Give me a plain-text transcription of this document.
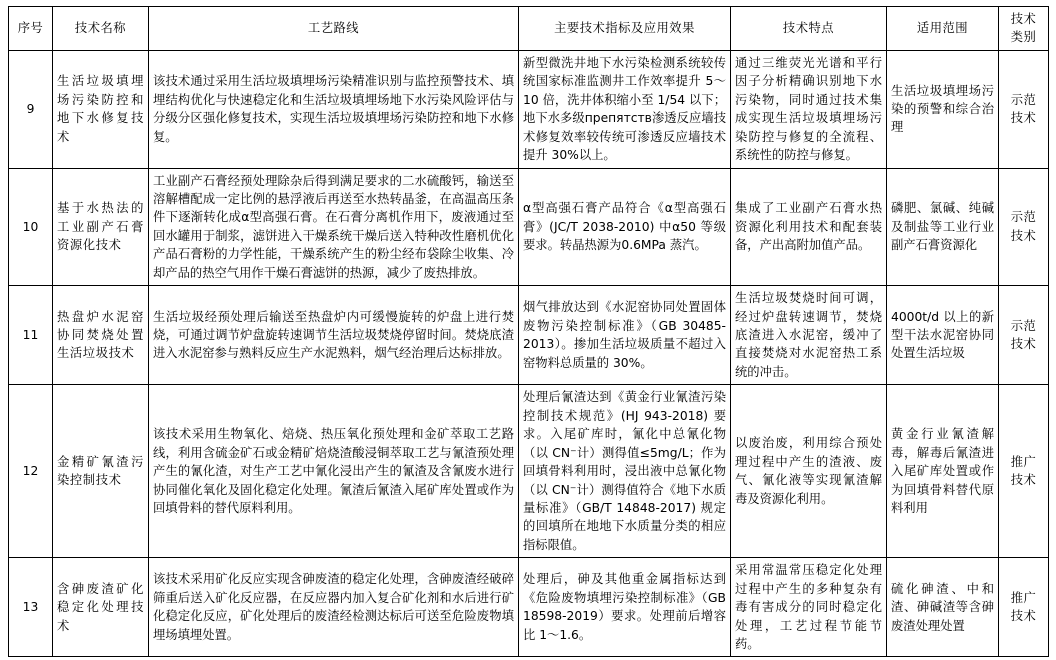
序号	技术名称	工艺路线	主要技术指标及应用效果	技术特点	适用范围	技术
类别

9	生活垃圾填埋场污染防控和地下水修复技术	该技术通过采用生活垃圾填埋场污染精准识别与监控预警技术、填埋结构优化与快速稳定化和生活垃圾填埋场地下水污染风险评估与分级分区强化修复技术，实现生活垃圾填埋场污染防控和地下水修复。	新型微洗井地下水污染检测系统较传统国家标准监测井工作效率提升 5～10 倍，洗井体积缩小至 1/54 以下；地下水多级препятств渗透反应墙技术修复效率较传统可渗透反应墙技术提升 30%以上。	通过三维荧光光谱和平行因子分析精确识别地下水污染物，同时通过技术集成实现生活垃圾填埋场污染防控与修复的全流程、系统性的防控与修复。	生活垃圾填埋场污染的预警和综合治理	示范
技术

10	基于水热法的工业副产石膏资源化技术	工业副产石膏经预处理除杂后得到满足要求的二水硫酸钙，输送至溶解槽配成一定比例的悬浮液后再送至水热转晶釜，在高温高压条件下逐渐转化成α型高强石膏。在石膏分离机作用下，废液通过至回水罐用于制浆，滤饼进入干燥系统干燥后送入特种改性磨机优化产品石膏粉的力学性能，干燥系统产生的粉尘经布袋除尘收集、冷却产品的热空气用作干燥石膏滤饼的热源，减少了废热排放。	α型高强石膏产品符合《α型高强石膏》(JC/T 2038-2010) 中α50 等级要求。转晶热源为0.6MPa 蒸汽。	集成了工业副产石膏水热资源化利用技术和配套装备，产出高附加值产品。	磷肥、氯碱、纯碱及制盐等工业行业副产石膏资源化	示范
技术

11	热盘炉水泥窑协同焚烧处置生活垃圾技术	生活垃圾经预处理后输送至热盘炉内可缓慢旋转的炉盘上进行焚烧，可通过调节炉盘旋转速调节生活垃圾焚烧停留时间。焚烧底渣进入水泥窑参与熟料反应生产水泥熟料，烟气经治理后达标排放。	烟气排放达到《水泥窑协同处置固体废物污染控制标准》（GB 30485-2013）。掺加生活垃圾质量不超过入窑物料总质量的 30%。	生活垃圾焚烧时间可调，经过炉盘转速调节，焚烧底渣进入水泥窑，缓冲了直接焚烧对水泥窑热工系统的冲击。	4000t/d 以上的新型干法水泥窑协同处置生活垃圾	示范
技术

12	金精矿氰渣污染控制技术	该技术采用生物氧化、焙烧、热压氧化预处理和金矿萃取工艺路线，利用含硫金矿石或金精矿焙烧渣酸浸铜萃取工艺与氰渣预处理产生的氰化渣，对生产工艺中氰化浸出产生的氰渣及含氰废水进行协同催化氧化及固化稳定化处理。氰渣后氰渣入尾矿库处置或作为回填骨料的替代原料利用。	处理后氰渣达到《黄金行业氰渣污染控制技术规范》(HJ 943-2018) 要求。入尾矿库时，氰化中总氰化物（以 CN⁻计）测得值≤5mg/L；作为回填骨料利用时，浸出液中总氰化物（以 CN⁻计）测得值符合《地下水质量标准》（GB/T 14848-2017) 规定的回填所在地地下水质量分类的相应指标限值。	以废治废，利用综合预处理过程中产生的渣液、废气、氰化液等实现氰渣解毒及资源化利用。	黄金行业氰渣解毒，解毒后氰渣进入尾矿库处置或作为回填骨料替代原料利用	推广
技术

13	含砷废渣矿化稳定化处理技术	该技术采用矿化反应实现含砷废渣的稳定化处理，含砷废渣经破碎筛重后送入矿化反应器，在反应器内加入复合矿化剂和水后进行矿化稳定化反应，矿化处理后的废渣经检测达标后可送至危险废物填埋场填埋处置。	处理后，砷及其他重金属指标达到《危险废物填埋污染控制标准》（GB 18598-2019）要求。处理前后增容比 1～1.6。	采用常温常压稳定化处理过程中产生的多种复杂有毒有害成分的同时稳定化处理，工艺过程节能节药。	硫化砷渣、中和渣、砷碱渣等含砷废渣处理处置	推广
技术
